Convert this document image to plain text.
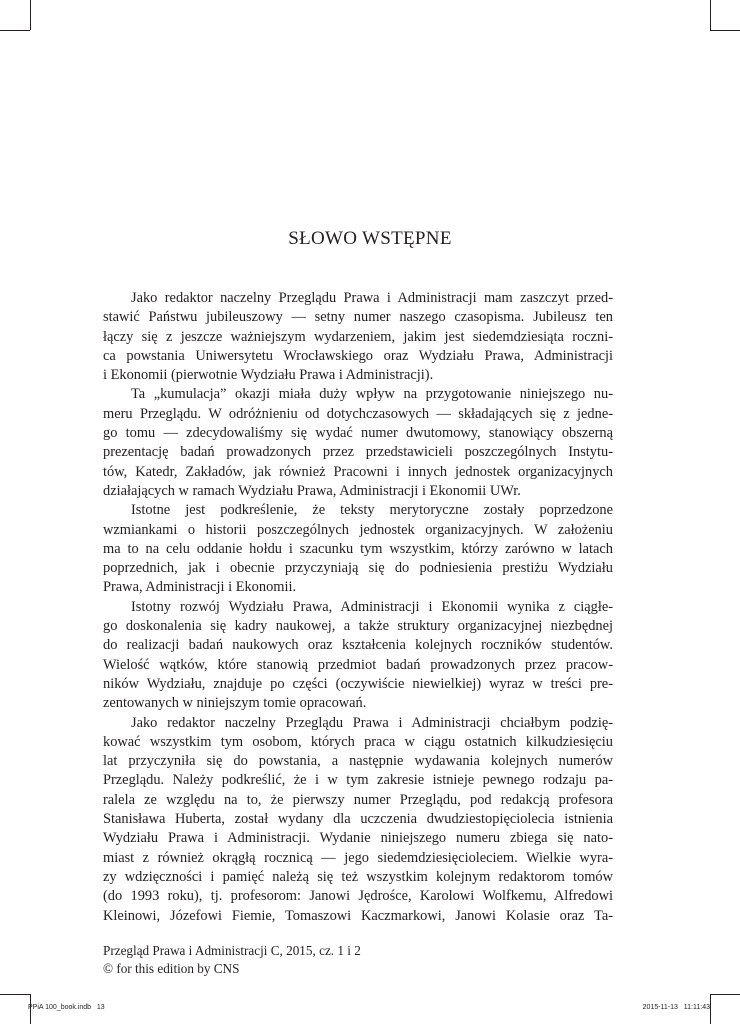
SŁOWO WSTĘPNE
Jako redaktor naczelny Przeglądu Prawa i Administracji mam zaszczyt przed-
stawić Państwu jubileuszowy — setny numer naszego czasopisma. Jubileusz ten
łączy się z jeszcze ważniejszym wydarzeniem, jakim jest siedemdziesiąta roczni-
ca powstania Uniwersytetu Wrocławskiego oraz Wydziału Prawa, Administracji
i Ekonomii (pierwotnie Wydziału Prawa i Administracji).
Ta „kumulacja” okazji miała duży wpływ na przygotowanie niniejszego nu-
meru Przeglądu. W odróżnieniu od dotychczasowych — składających się z jedne-
go tomu — zdecydowaliśmy się wydać numer dwutomowy, stanowiący obszerną
prezentację badań prowadzonych przez przedstawicieli poszczególnych Instytu-
tów, Katedr, Zakładów, jak również Pracowni i innych jednostek organizacyjnych
działających w ramach Wydziału Prawa, Administracji i Ekonomii UWr.
Istotne jest podkreślenie, że teksty merytoryczne zostały poprzedzone
wzmiankami o historii poszczególnych jednostek organizacyjnych. W założeniu
ma to na celu oddanie hołdu i szacunku tym wszystkim, którzy zarówno w latach
poprzednich, jak i obecnie przyczyniają się do podniesienia prestiżu Wydziału
Prawa, Administracji i Ekonomii.
Istotny rozwój Wydziału Prawa, Administracji i Ekonomii wynika z ciągłe-
go doskonalenia się kadry naukowej, a także struktury organizacyjnej niezbędnej
do realizacji badań naukowych oraz kształcenia kolejnych roczników studentów.
Wielość wątków, które stanowią przedmiot badań prowadzonych przez pracow-
ników Wydziału, znajduje po części (oczywiście niewielkiej) wyraz w treści pre-
zentowanych w niniejszym tomie opracowań.
Jako redaktor naczelny Przeglądu Prawa i Administracji chciałbym podzię-
kować wszystkim tym osobom, których praca w ciągu ostatnich kilkudziesięciu
lat przyczyniła się do powstania, a następnie wydawania kolejnych numerów
Przeglądu. Należy podkreślić, że i w tym zakresie istnieje pewnego rodzaju pa-
ralela ze względu na to, że pierwszy numer Przeglądu, pod redakcją profesora
Stanisława Huberta, został wydany dla uczczenia dwudziestopięciolecia istnienia
Wydziału Prawa i Administracji. Wydanie niniejszego numeru zbiega się nato-
miast z również okrągłą rocznicą — jego siedemdziesięcioleciem. Wielkie wyra-
zy wdzięczności i pamięć należą się też wszystkim kolejnym redaktorom tomów
(do 1993 roku), tj. profesorom: Janowi Jędrośce, Karolowi Wolfkemu, Alfredowi
Kleinowi, Józefowi Fiemie, Tomaszowi Kaczmarkowi, Janowi Kolasie oraz Ta-
Przegląd Prawa i Administracji C, 2015, cz. 1 i 2
© for this edition by CNS
PPiA 100_book.indb   13	2015-11-13   11:11:43
